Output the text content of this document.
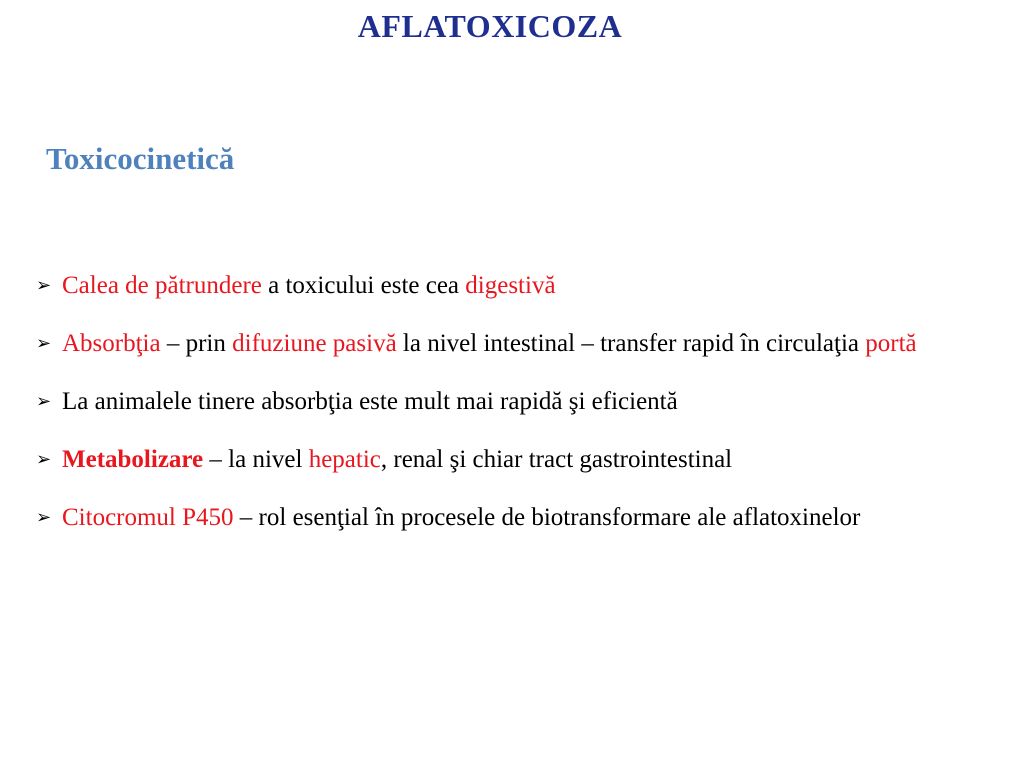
AFLATOXICOZA
Toxicocinetică

➢ Calea de pătrundere a toxicului este cea digestivă

➢ Absorbţia – prin difuziune pasivă la nivel intestinal – transfer rapid în circulaţia portă

➢ La animalele tinere absorbţia este mult mai rapidă şi eficientă

➢ Metabolizare – la nivel hepatic, renal şi chiar tract gastrointestinal

➢ Citocromul P450 – rol esenţial în procesele de biotransformare ale aflatoxinelor
